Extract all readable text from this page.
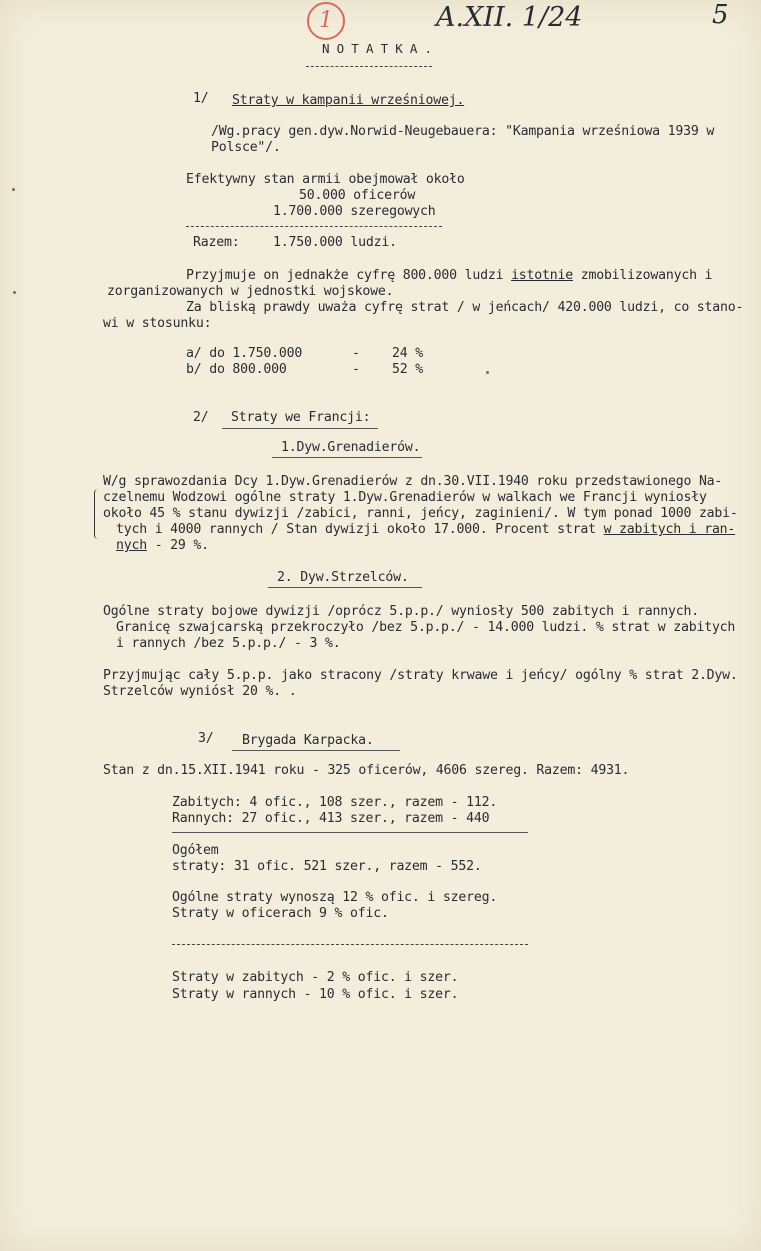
1	A.XII. 1/24	5
N O T A T K A .
1/ Straty w kampanii wrześniowej.
/Wg.pracy gen.dyw.Norwid-Neugebauera: "Kampania wrześniowa 1939 w
Polsce"/.
Efektywny stan armii obejmował około
50.000 oficerów
1.700.000 szeregowych
Razem:	1.750.000 ludzi.
Przyjmuje on jednakże cyfrę 800.000 ludzi istotnie zmobilizowanych i
zorganizowanych w jednostki wojskowe.
Za bliską prawdy uważa cyfrę strat / w jeńcach/ 420.000 ludzi, co stano-
wi w stosunku:
a/ do 1.750.000	- 24 %
b/ do 800.000	- 52 %
2/ Straty we Francji:
1.Dyw.Grenadierów.
W/g sprawozdania Dcy 1.Dyw.Grenadierów z dn.30.VII.1940 roku przedstawionego Na-
czelnemu Wodzowi ogólne straty 1.Dyw.Grenadierów w walkach we Francji wyniosły
około 45 % stanu dywizji /zabici, ranni, jeńcy, zaginieni/. W tym ponad 1000 zabi-
tych i 4000 rannych / Stan dywizji około 17.000. Procent strat w zabitych i ran-
nych - 29 %.
2. Dyw.Strzelców.
Ogólne straty bojowe dywizji /oprócz 5.p.p./ wyniosły 500 zabitych i rannych.
Granicę szwajcarską przekroczyło /bez 5.p.p./ - 14.000 ludzi. % strat w zabitych
i rannych /bez 5.p.p./ - 3 %.
Przyjmując cały 5.p.p. jako stracony /straty krwawe i jeńcy/ ogólny % strat 2.Dyw.
Strzelców wyniósł 20 %. .
3/ Brygada Karpacka.
Stan z dn.15.XII.1941 roku - 325 oficerów, 4606 szereg. Razem: 4931.
Zabitych: 4 ofic., 108 szer., razem - 112.
Rannych: 27 ofic., 413 szer., razem - 440
Ogółem
straty: 31 ofic. 521 szer., razem - 552.
Ogólne straty wynoszą 12 % ofic. i szereg.
Straty w oficerach 9 % ofic.
Straty w zabitych - 2 % ofic. i szer.
Straty w rannych - 10 % ofic. i szer.
